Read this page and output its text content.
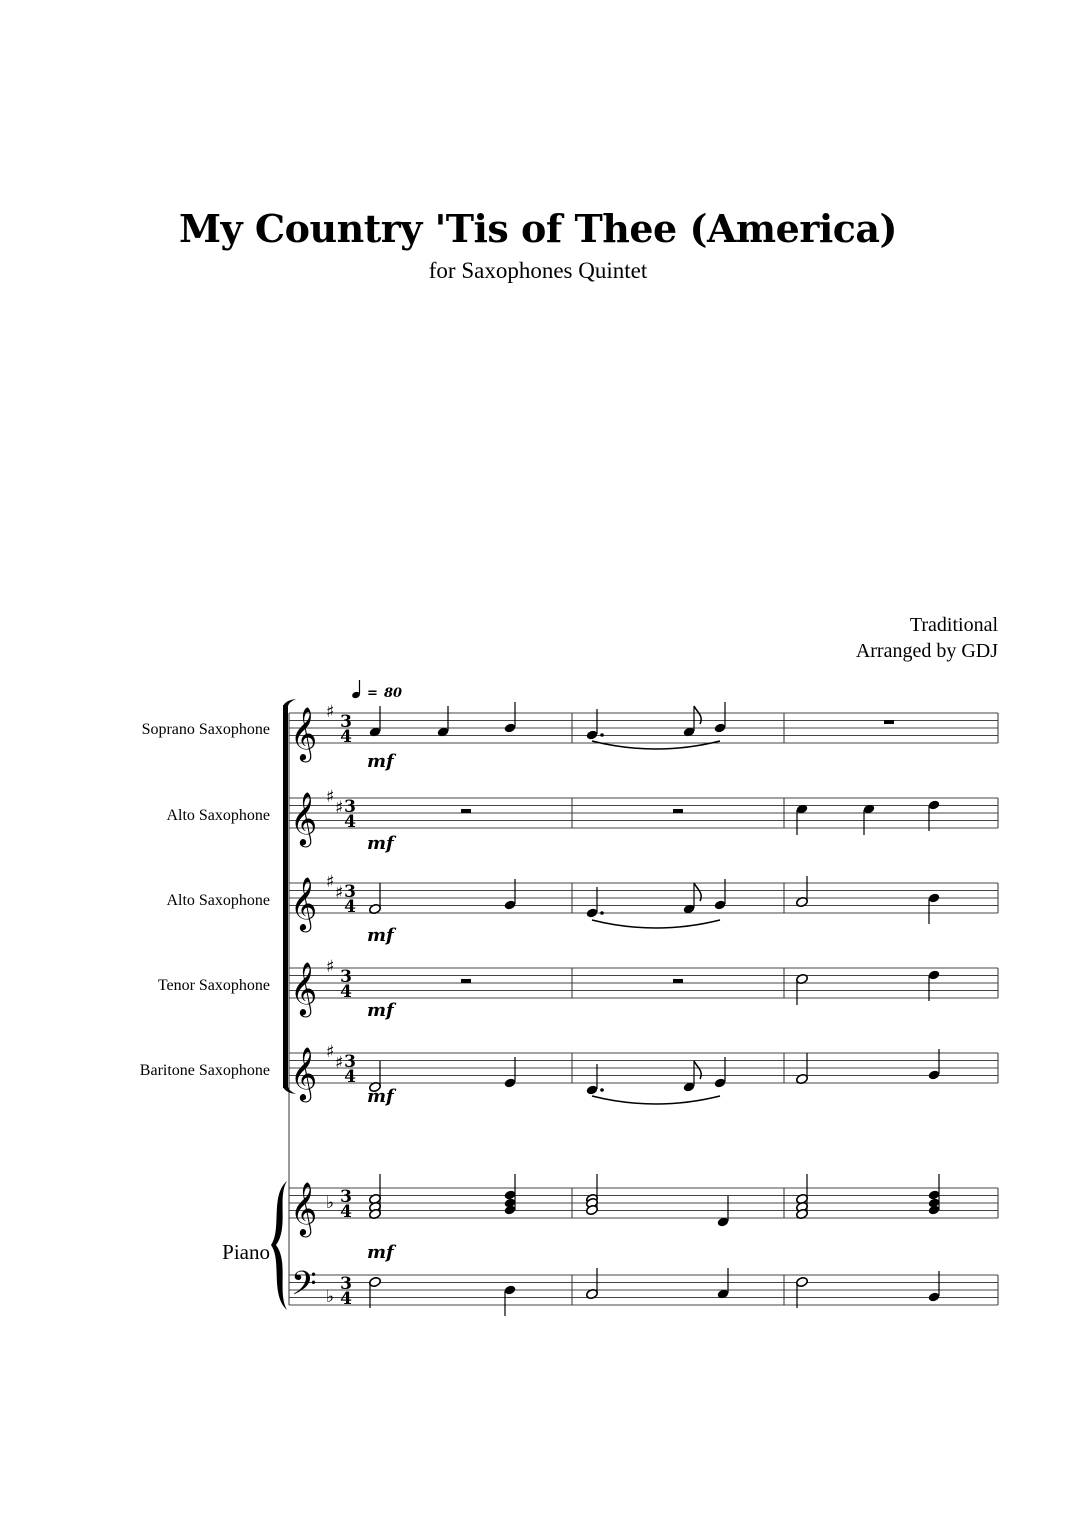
My Country 'Tis of Thee (America)
for Saxophones Quintet
Traditional
Arranged by GDJ
Soprano Saxophone
Alto Saxophone
Alto Saxophone
Tenor Saxophone
Baritone Saxophone
Piano
= 80
𝄞 ♯ 3
4
𝄞 ♯
♯ 3
4
𝄞 ♯
♯ 3
4
𝄞 ♯ 3
4
𝄞 ♯
♯ 3
4
𝄞 ♭ 3
4
𝄢 ♭
3
4
mf
mf
mf
mf
mf
mf
